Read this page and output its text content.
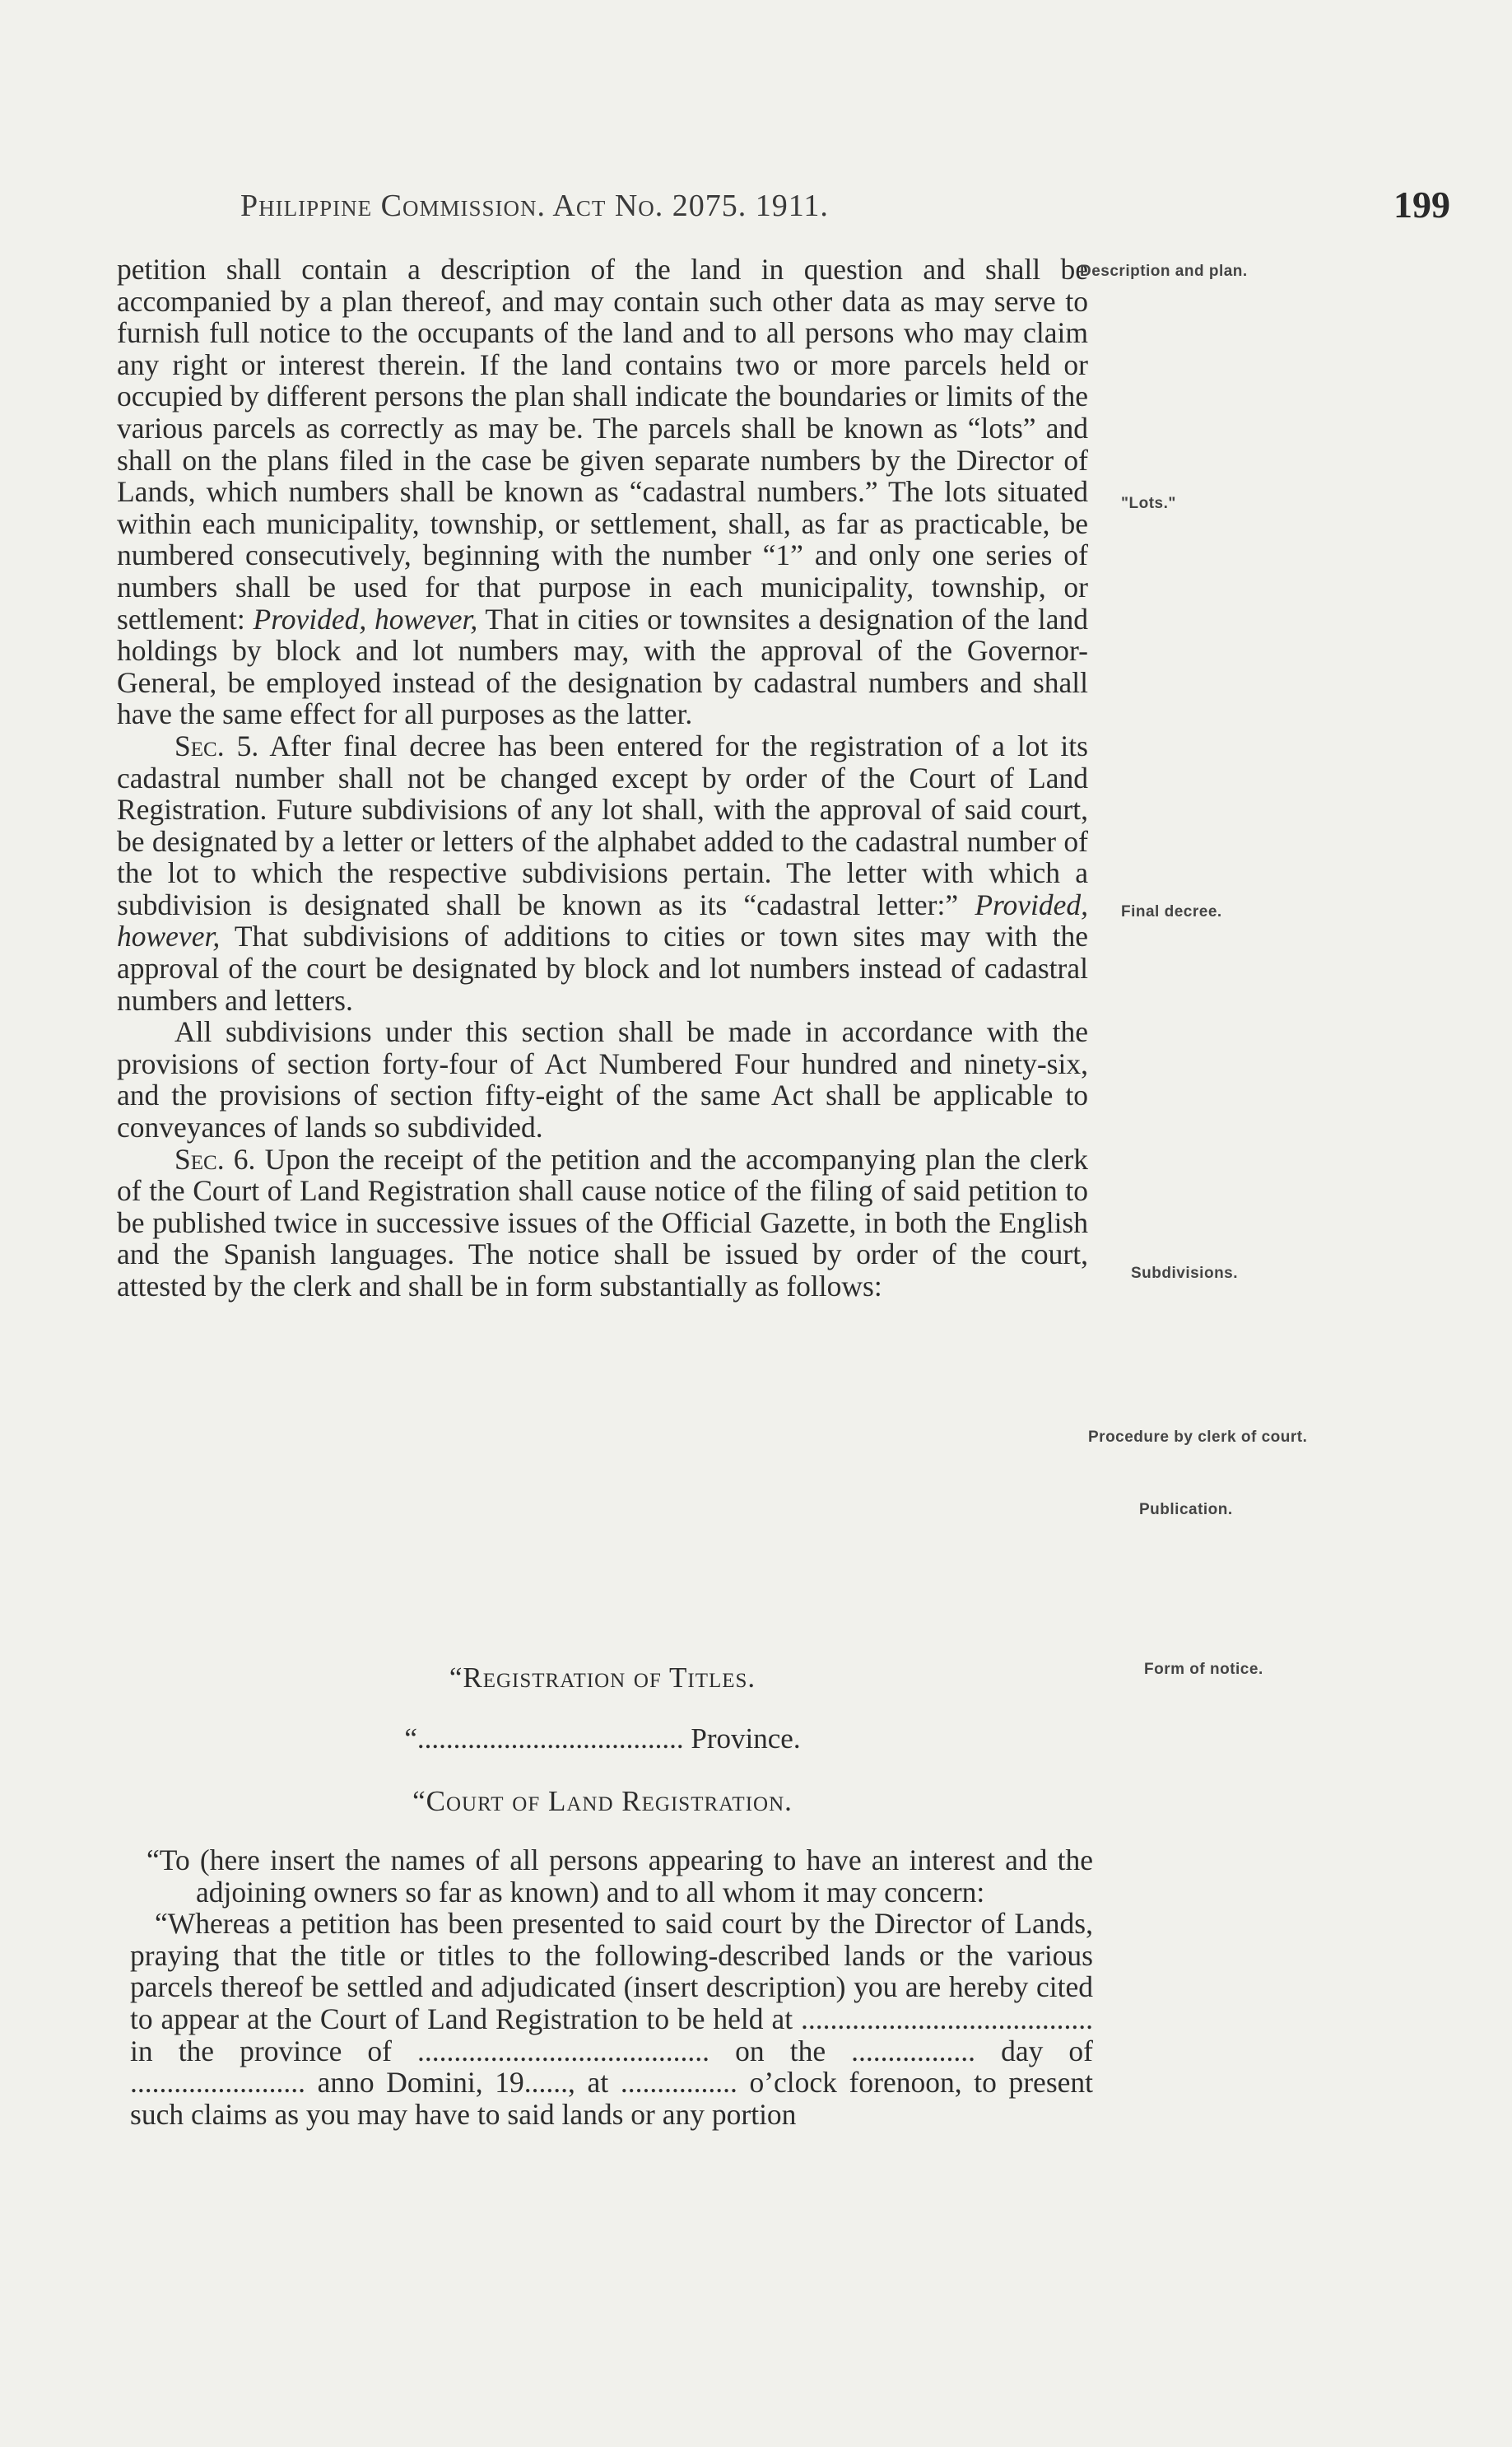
Philippine Commission. Act No. 2075. 1911.	199

petition shall contain a description of the land in question and shall be accompanied by a plan thereof, and may contain such other data as may serve to furnish full notice to the occupants of the land and to all persons who may claim any right or interest therein. If the land contains two or more parcels held or occupied by different persons the plan shall indicate the boundaries or limits of the various parcels as correctly as may be. The parcels shall be known as “lots” and shall on the plans filed in the case be given separate numbers by the Director of Lands, which numbers shall be known as “cadastral numbers.” The lots situated within each municipality, township, or settlement, shall, as far as practicable, be numbered consecutively, beginning with the number “1” and only one series of numbers shall be used for that purpose in each municipality, township, or settlement: Provided, however, That in cities or townsites a designation of the land holdings by block and lot numbers may, with the approval of the Governor-General, be employed instead of the designation by cadastral numbers and shall have the same effect for all purposes as the latter.

Sec. 5. After final decree has been entered for the registration of a lot its cadastral number shall not be changed except by order of the Court of Land Registration. Future subdivisions of any lot shall, with the approval of said court, be designated by a letter or letters of the alphabet added to the cadastral number of the lot to which the respective subdivisions pertain. The letter with which a subdivision is designated shall be known as its “cadastral letter:” Provided, however, That subdivisions of additions to cities or town sites may with the approval of the court be designated by block and lot numbers instead of cadastral numbers and letters.

All subdivisions under this section shall be made in accordance with the provisions of section forty-four of Act Numbered Four hundred and ninety-six, and the provisions of section fifty-eight of the same Act shall be applicable to conveyances of lands so subdivided.

Sec. 6. Upon the receipt of the petition and the accompanying plan the clerk of the Court of Land Registration shall cause notice of the filing of said petition to be published twice in successive issues of the Official Gazette, in both the English and the Spanish languages. The notice shall be issued by order of the court, attested by the clerk and shall be in form substantially as follows:

Description and plan.
"Lots."
Final decree.
Subdivisions.
Procedure by clerk of court.
Publication.
Form of notice.
“Registration of Titles.
“..................................... Province.
“Court of Land Registration.

“To (here insert the names of all persons appearing to have an interest and the adjoining owners so far as known) and to all whom it may concern:

“Whereas a petition has been presented to said court by the Director of Lands, praying that the title or titles to the following-described lands or the various parcels thereof be settled and adjudicated (insert description) you are hereby cited to appear at the Court of Land Registration to be held at ........................................ in the province of ........................................ on the ................. day of ........................ anno Domini, 19......, at ................ o’clock forenoon, to present such claims as you may have to said lands or any portion
